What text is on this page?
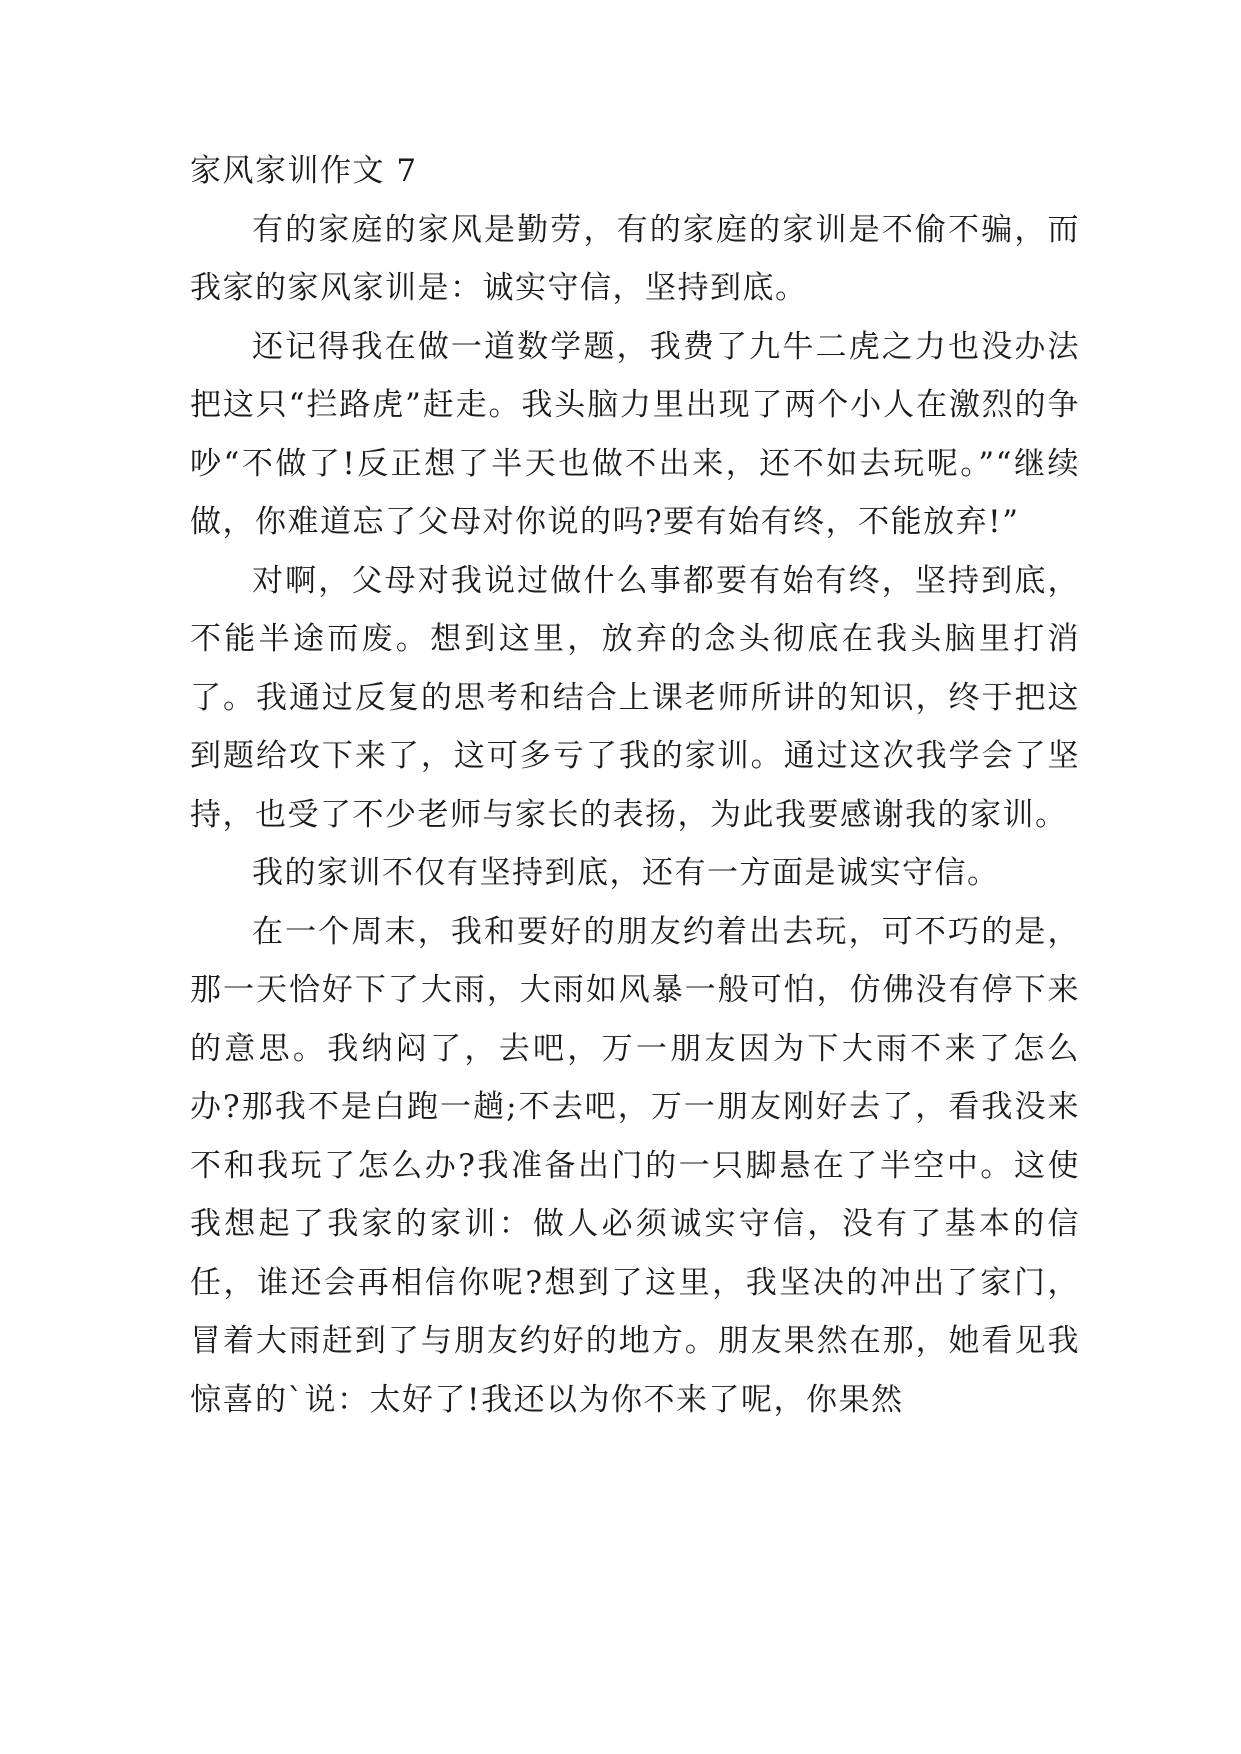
家风家训作文 7

有的家庭的家风是勤劳，有的家庭的家训是不偷不骗，而我家的家风家训是：诚实守信，坚持到底。

还记得我在做一道数学题，我费了九牛二虎之力也没办法把这只“拦路虎”赶走。我头脑力里出现了两个小人在激烈的争吵“不做了!反正想了半天也做不出来，还不如去玩呢。”“继续做，你难道忘了父母对你说的吗?要有始有终，不能放弃!”

对啊，父母对我说过做什么事都要有始有终，坚持到底，不能半途而废。想到这里，放弃的念头彻底在我头脑里打消了。我通过反复的思考和结合上课老师所讲的知识，终于把这到题给攻下来了，这可多亏了我的家训。通过这次我学会了坚持，也受了不少老师与家长的表扬，为此我要感谢我的家训。

我的家训不仅有坚持到底，还有一方面是诚实守信。

在一个周末，我和要好的朋友约着出去玩，可不巧的是，那一天恰好下了大雨，大雨如风暴一般可怕，仿佛没有停下来的意思。我纳闷了，去吧，万一朋友因为下大雨不来了怎么办?那我不是白跑一趟;不去吧，万一朋友刚好去了，看我没来不和我玩了怎么办?我准备出门的一只脚悬在了半空中。这使我想起了我家的家训：做人必须诚实守信，没有了基本的信任，谁还会再相信你呢?想到了这里，我坚决的冲出了家门，冒着大雨赶到了与朋友约好的地方。朋友果然在那，她看见我惊喜的`说：太好了!我还以为你不来了呢，你果然
